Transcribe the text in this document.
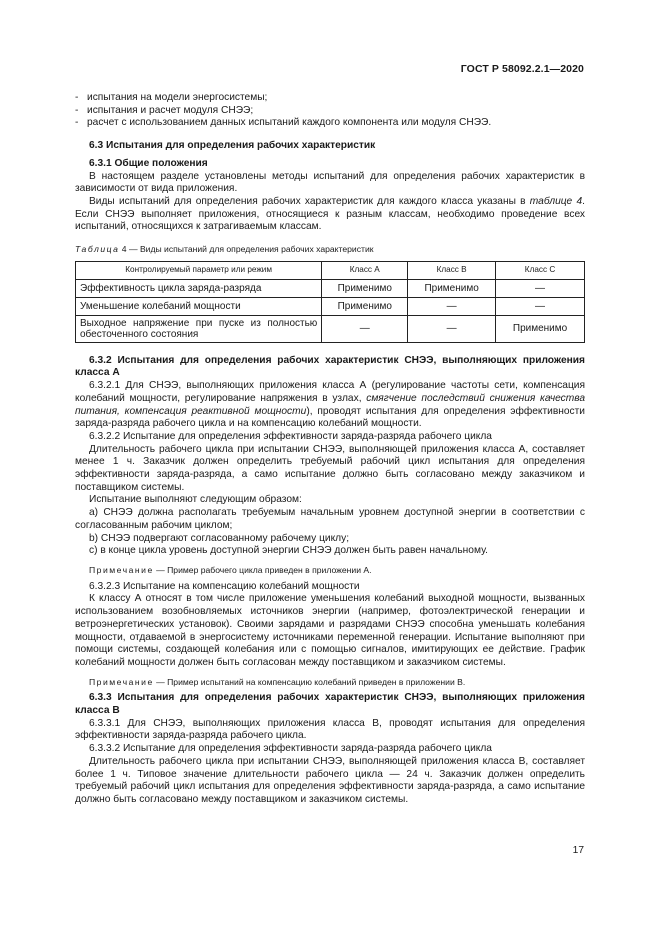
ГОСТ Р 58092.2.1—2020

- испытания на модели энергосистемы;

- испытания и расчет модуля СНЭЭ;

- расчет с использованием данных испытаний каждого компонента или модуля СНЭЭ.

6.3 Испытания для определения рабочих характеристик

6.3.1 Общие положения

В настоящем разделе установлены методы испытаний для определения рабочих характеристик в зависимости от вида приложения.

Виды испытаний для определения рабочих характеристик для каждого класса указаны в таблице 4. Если СНЭЭ выполняет приложения, относящиеся к разным классам, необходимо проведение всех испытаний, относящихся к затрагиваемым классам.

Таблица 4 — Виды испытаний для определения рабочих характеристик

Контролируемый параметр или режим	Класс А	Класс В	Класс С
Эффективность цикла заряда-разряда	Применимо	Применимо	—
Уменьшение колебаний мощности	Применимо	—	—
Выходное напряжение при пуске из полностью обесточенного состояния	—	—	Применимо

6.3.2 Испытания для определения рабочих характеристик СНЭЭ, выполняющих приложения класса А

6.3.2.1 Для СНЭЭ, выполняющих приложения класса А (регулирование частоты сети, компенсация колебаний мощности, регулирование напряжения в узлах, смягчение последствий снижения качества питания, компенсация реактивной мощности), проводят испытания для определения эффективности заряда-разряда рабочего цикла и на компенсацию колебаний мощности.

6.3.2.2 Испытание для определения эффективности заряда-разряда рабочего цикла

Длительность рабочего цикла при испытании СНЭЭ, выполняющей приложения класса А, составляет менее 1 ч. Заказчик должен определить требуемый рабочий цикл испытания для определения эффективности заряда-разряда, а само испытание должно быть согласовано между заказчиком и поставщиком системы.

Испытание выполняют следующим образом:

а) СНЭЭ должна располагать требуемым начальным уровнем доступной энергии в соответствии с согласованным рабочим циклом;

b) СНЭЭ подвергают согласованному рабочему циклу;

c) в конце цикла уровень доступной энергии СНЭЭ должен быть равен начальному.

Примечание — Пример рабочего цикла приведен в приложении А.

6.3.2.3 Испытание на компенсацию колебаний мощности

К классу А относят в том числе приложение уменьшения колебаний выходной мощности, вызванных использованием возобновляемых источников энергии (например, фотоэлектрической генерации и ветроэнергетических установок). Своими зарядами и разрядами СНЭЭ способна уменьшать колебания мощности, отдаваемой в энергосистему источниками переменной генерации. Испытание выполняют при помощи системы, создающей колебания или с помощью сигналов, имитирующих ее действие. График колебаний мощности должен быть согласован между поставщиком и заказчиком системы.

Примечание — Пример испытаний на компенсацию колебаний приведен в приложении В.

6.3.3 Испытания для определения рабочих характеристик СНЭЭ, выполняющих приложения класса В

6.3.3.1 Для СНЭЭ, выполняющих приложения класса В, проводят испытания для определения эффективности заряда-разряда рабочего цикла.

6.3.3.2 Испытание для определения эффективности заряда-разряда рабочего цикла

Длительность рабочего цикла при испытании СНЭЭ, выполняющей приложения класса В, составляет более 1 ч. Типовое значение длительности рабочего цикла — 24 ч. Заказчик должен определить требуемый рабочий цикл испытания для определения эффективности заряда-разряда, а само испытание должно быть согласовано между поставщиком и заказчиком системы.

17
